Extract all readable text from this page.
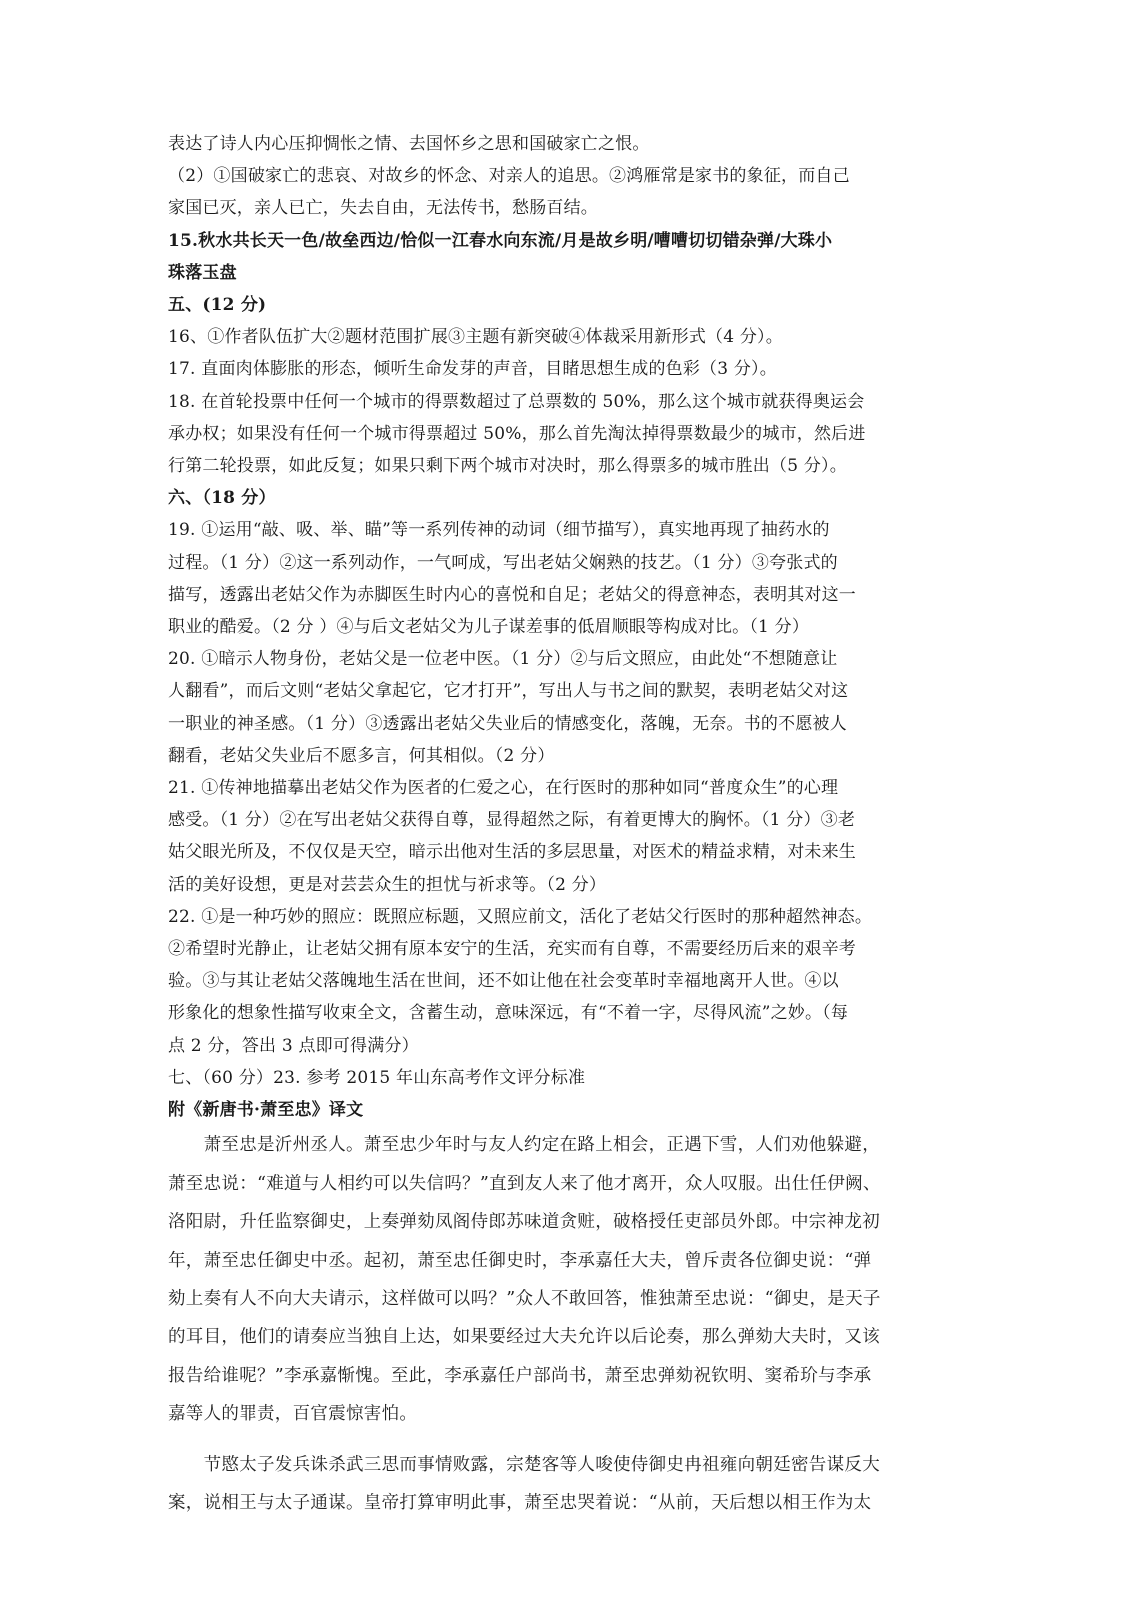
表达了诗人内心压抑惆怅之情、去国怀乡之思和国破家亡之恨。
（2）①国破家亡的悲哀、对故乡的怀念、对亲人的追思。②鸿雁常是家书的象征，而自己
家国已灭，亲人已亡，失去自由，无法传书，愁肠百结。
15.秋水共长天一色/故垒西边/恰似一江春水向东流/月是故乡明/嘈嘈切切错杂弹/大珠小
珠落玉盘
五、(12 分)
16、①作者队伍扩大②题材范围扩展③主题有新突破④体裁采用新形式（4 分）。
17. 直面肉体膨胀的形态，倾听生命发芽的声音，目睹思想生成的色彩（3 分）。
18. 在首轮投票中任何一个城市的得票数超过了总票数的 50%，那么这个城市就获得奥运会
承办权；如果没有任何一个城市得票超过 50%，那么首先淘汰掉得票数最少的城市，然后进
行第二轮投票，如此反复；如果只剩下两个城市对决时，那么得票多的城市胜出（5 分）。
六、（18 分）
19. ①运用“敲、吸、举、瞄”等一系列传神的动词（细节描写），真实地再现了抽药水的
过程。（1 分）②这一系列动作，一气呵成，写出老姑父娴熟的技艺。（1 分）③夸张式的
描写，透露出老姑父作为赤脚医生时内心的喜悦和自足；老姑父的得意神态，表明其对这一
职业的酷爱。（2 分 ）④与后文老姑父为儿子谋差事的低眉顺眼等构成对比。（1 分）
20. ①暗示人物身份，老姑父是一位老中医。（1 分）②与后文照应，由此处“不想随意让
人翻看”，而后文则“老姑父拿起它，它才打开”，写出人与书之间的默契，表明老姑父对这
一职业的神圣感。（1 分）③透露出老姑父失业后的情感变化，落魄，无奈。书的不愿被人
翻看，老姑父失业后不愿多言，何其相似。（2 分）
21. ①传神地描摹出老姑父作为医者的仁爱之心，在行医时的那种如同“普度众生”的心理
感受。（1 分）②在写出老姑父获得自尊，显得超然之际，有着更博大的胸怀。（1 分）③老
姑父眼光所及，不仅仅是天空，暗示出他对生活的多层思量，对医术的精益求精，对未来生
活的美好设想，更是对芸芸众生的担忧与祈求等。（2 分）
22. ①是一种巧妙的照应：既照应标题，又照应前文，活化了老姑父行医时的那种超然神态。
②希望时光静止，让老姑父拥有原本安宁的生活，充实而有自尊，不需要经历后来的艰辛考
验。③与其让老姑父落魄地生活在世间，还不如让他在社会变革时幸福地离开人世。④以
形象化的想象性描写收束全文，含蓄生动，意味深远，有“不着一字，尽得风流”之妙。（每
点 2 分，答出 3 点即可得满分）
七、（60 分）23. 参考 2015 年山东高考作文评分标准
附《新唐书·萧至忠》译文
　　萧至忠是沂州丞人。萧至忠少年时与友人约定在路上相会，正遇下雪，人们劝他躲避，
萧至忠说：“难道与人相约可以失信吗？”直到友人来了他才离开，众人叹服。出仕任伊阙、
洛阳尉，升任监察御史，上奏弹劾凤阁侍郎苏味道贪赃，破格授任吏部员外郎。中宗神龙初
年，萧至忠任御史中丞。起初，萧至忠任御史时，李承嘉任大夫，曾斥责各位御史说：“弹
劾上奏有人不向大夫请示，这样做可以吗？”众人不敢回答，惟独萧至忠说：“御史，是天子
的耳目，他们的请奏应当独自上达，如果要经过大夫允许以后论奏，那么弹劾大夫时，又该
报告给谁呢？”李承嘉惭愧。至此，李承嘉任户部尚书，萧至忠弹劾祝钦明、窦希玠与李承
嘉等人的罪责，百官震惊害怕。
　　节愍太子发兵诛杀武三思而事情败露，宗楚客等人唆使侍御史冉祖雍向朝廷密告谋反大
案，说相王与太子通谋。皇帝打算审明此事，萧至忠哭着说：“从前，天后想以相王作为太
